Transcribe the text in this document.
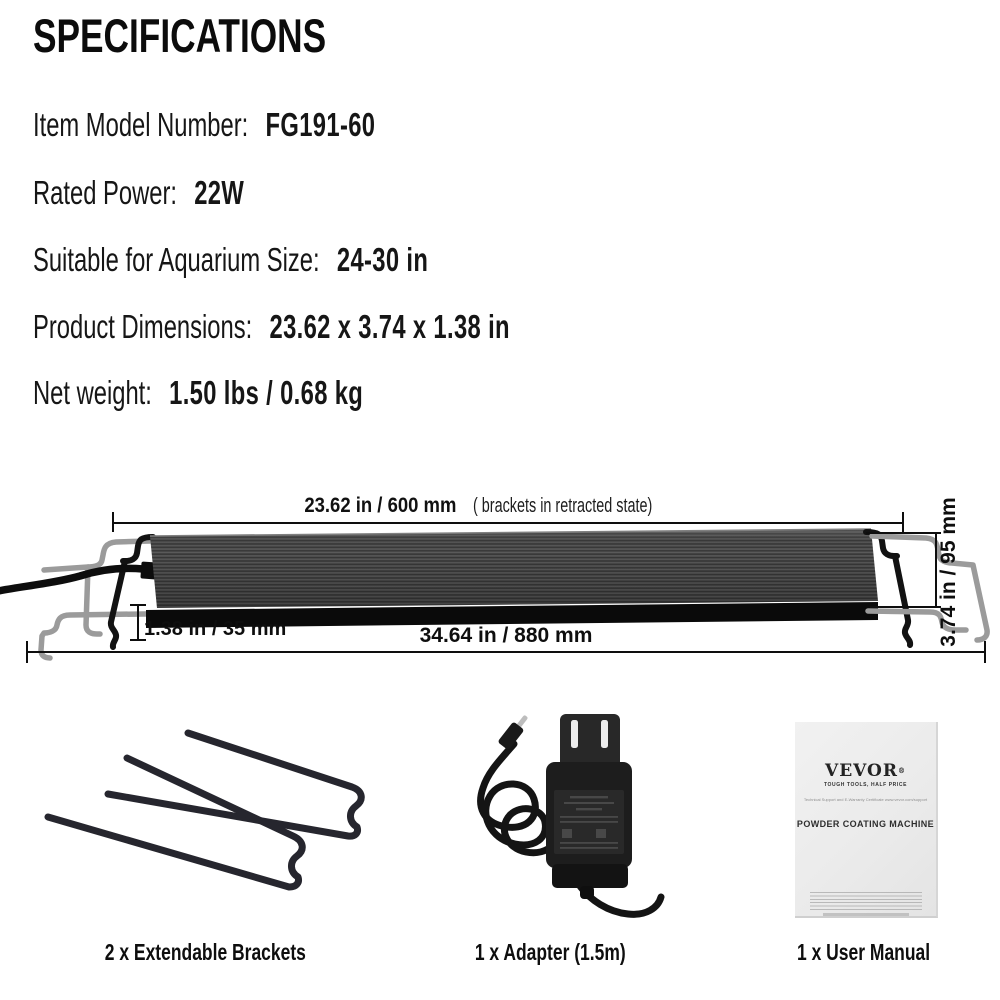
SPECIFICATIONS
Item Model Number: FG191-60
Rated Power: 22W
Suitable for Aquarium Size: 24-30 in
Product Dimensions: 23.62 x 3.74 x 1.38 in
Net weight: 1.50 lbs / 0.68 kg
23.62 in / 600 mm ( brackets in retracted state)
1.38 in / 35 mm	34.64 in / 880 mm	3.74 in / 95 mm
VEVOR®
TOUGH TOOLS, HALF PRICE
Technical Support and E-Warranty Certificate www.vevor.com/support
POWDER COATING MACHINE
2 x Extendable Brackets	1 x Adapter (1.5m)	1 x User Manual
